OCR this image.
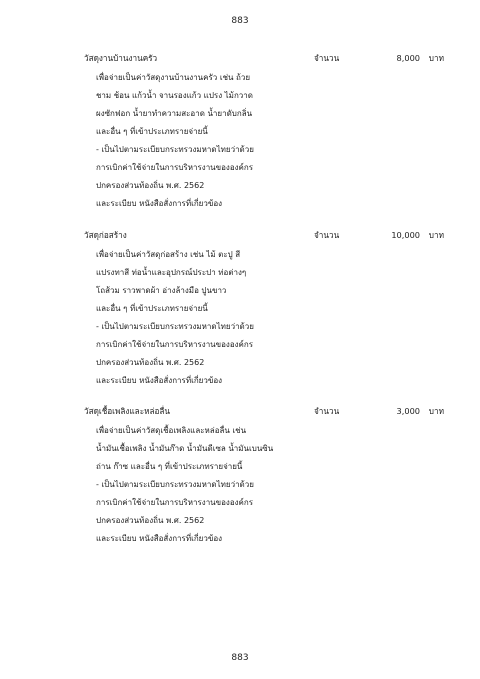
883
วัสดุงานบ้านงานครัว	จำนวน	8,000 บาท
เพื่อจ่ายเป็นค่าวัสดุงานบ้านงานครัว เช่น ถ้วย
ชาม ช้อน แก้วน้ำ จานรองแก้ว แปรง ไม้กวาด
ผงซักฟอก น้ำยาทำความสะอาด น้ำยาดับกลิ่น
และอื่น ๆ ที่เข้าประเภทรายจ่ายนี้
- เป็นไปตามระเบียบกระทรวงมหาดไทยว่าด้วย
การเบิกค่าใช้จ่ายในการบริหารงานขององค์กร
ปกครองส่วนท้องถิ่น พ.ศ. 2562
และระเบียบ หนังสือสั่งการที่เกี่ยวข้อง
วัสดุก่อสร้าง	จำนวน	10,000 บาท
เพื่อจ่ายเป็นค่าวัสดุก่อสร้าง เช่น ไม้ ตะปู สี
แปรงทาสี ท่อน้ำและอุปกรณ์ประปา ท่อต่างๆ
โถส้วม ราวพาดผ้า อ่างล้างมือ ปูนขาว
และอื่น ๆ ที่เข้าประเภทรายจ่ายนี้
- เป็นไปตามระเบียบกระทรวงมหาดไทยว่าด้วย
การเบิกค่าใช้จ่ายในการบริหารงานขององค์กร
ปกครองส่วนท้องถิ่น พ.ศ. 2562
และระเบียบ หนังสือสั่งการที่เกี่ยวข้อง
วัสดุเชื้อเพลิงและหล่อลื่น	จำนวน	3,000 บาท
เพื่อจ่ายเป็นค่าวัสดุเชื้อเพลิงและหล่อลื่น เช่น
น้ำมันเชื้อเพลิง น้ำมันก๊าด น้ำมันดีเซล น้ำมันเบนซิน
ถ่าน ก๊าซ และอื่น ๆ ที่เข้าประเภทรายจ่ายนี้
- เป็นไปตามระเบียบกระทรวงมหาดไทยว่าด้วย
การเบิกค่าใช้จ่ายในการบริหารงานขององค์กร
ปกครองส่วนท้องถิ่น พ.ศ. 2562
และระเบียบ หนังสือสั่งการที่เกี่ยวข้อง
883
